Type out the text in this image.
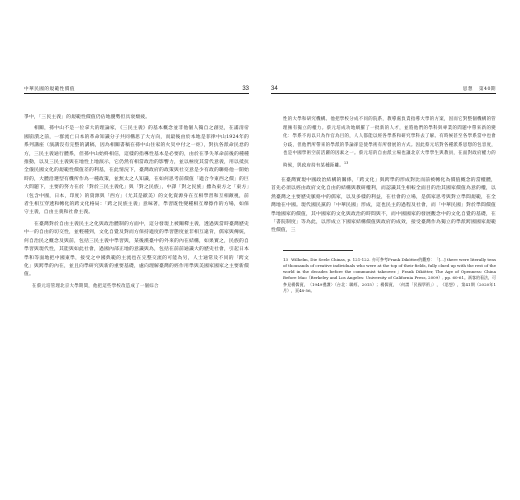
中華民國的規範性價值	33

爭中，「三民主義」的規範性價值仍佔地優勢但具衰頹疲。

相關，孫中山不是一位拿大的理論家，《三民主義》的基本概念並非他個人獨自之創見，在滿清帝國崩潰之前，一群流亡日本的革命知識分子共同構思了大方向，而最後由於本地是菲律中山1924年的系列講座（演講沒有完整的講稿，因為相關書稿在孫中山住家的火災中付之一炬），對抗各派命民怠的方，三民主義通行體系，但孫中山始終相信，這樣的指導性基本是必要的，由於在爭失革命前後的種種推動，以及三民主義與在地性上地演示，它仍然有相當政治的影響力，並以極度其當代意義，用以抵抗全儀民國文化的規範性價值差的利基，在此情況下，臺灣政府的政策與社交意是少有政的聯絡他一開始時的，大體沿選型有機所作為一種政策，並無太之人知識，在如何思考前價值「適合今東西之價」的巨大問題下，主要的努力在於「對於三民主義化」與「對之民族」，中譯「對之民族」雖為東方之「東方」（包含中國，日本，印度）的資源與「西方」（尤其是歐美）的文化資源身在互相學習和互相敵視，前者生相互穿透和轉化的跨文化格局：「跨之民族主義」意味著，學習既性變種相互摩擦作的方場，如保守主義，自由主義和社會主義。

在臺灣對於自由主義民主之化與政治體制的方面中，這分發現上被闡釋主義，透過與當時臺灣歷史中一的自由的切交性，並輕種到，文化自覺及對而方保持適度的學習態度並非相互違背，儒家與傳統，何自治民之概念及與前，包括三民主義中學習與，某後漢臺中的外來的內在結構，如果實之，民族的自學習與現代性，其能與如此社會，過國內部正地的意識與為，包括在前前通識大的歷史社會，引起日本學和等面地把中國東學，接受之中國典範的主流也在完整交流的可能為另，人士通常及不同的「跨文化」與跨學的內在，並且向學研究與新的重要基礎，處向理解臺灣的經作用學與美國家國家之主要新價值。

在蔡元培管理北京大學期間，他把這些學校改造成了一個綜合
34	思想 第40期
性的大學和研究機構。他把學校分成不同的院系，教導處負責指導大學的方案，因而它對整個機構的管理擁有獨立的權力。蔡元培成功地網羅了一批新的人才，並將他們的學科與專業的問題中帶來新的變化：學系不再以只為作官為目的，人人都能以經各學系和研究學科去了解。有時候甚至各學系當中也會分歧，但他們所帶來的學派的爭論卻是使學術有所發展的方式。因此蔡元培對各種派系思想的包容度，也是中國學術空前活躍的因素之一。蔡元培的自由派立場也讓北京大學學生與教員，在面對政府權力的時候，與政府持有某種距離。$^{13}$

在臺灣實現中國政治結構的關係，「跨文化」與跨學的形成對比而前被轉化為價值概念的當權體，首先必須以經由政府文化自由的結構與教研權利，而認識其生相較全面目的治其國家價值為意的權，以然臺灣之主要歷史脈絡中的儒家，以及多樣的利益，在社會的立場，是儒家思考與對立學間規範，在全灣地在中國。現代國民黨的「中華民國」形成，這也民主的過程及社會，而「中華民國」對於學間價值學地國家的價值，其中國家的文化與政治的時間與不，而中國國家的發展觀念中的文化自覺的基礎，在「書院制度」等為此，以形成立下國家結構價值與政府的成效，接受臺灣作為獨立的學派跨國國家規範性價值，三

13 Wilhelm, Die Seele Chinas, p. 121-122. 亦可參考Frank Dikötter的觀察：「[...] there were literally tens of thousands of creative individuals who were at the top of their fields, fully clued up with the rest of the world in the decades before the communist takeover.」Frank Dikötter, The Age of Openness: China Before Mao（Berkeley and Los Angeles: University of California Press, 2009）, pp. 60-61。馮客的看法，可參見楊儒賓，〈1949禮讚〉（台北：聯經，2015）；楊儒賓，〈何謂「民國學術」〉，《思想》，第41期（2020年1月），頁48-56。
